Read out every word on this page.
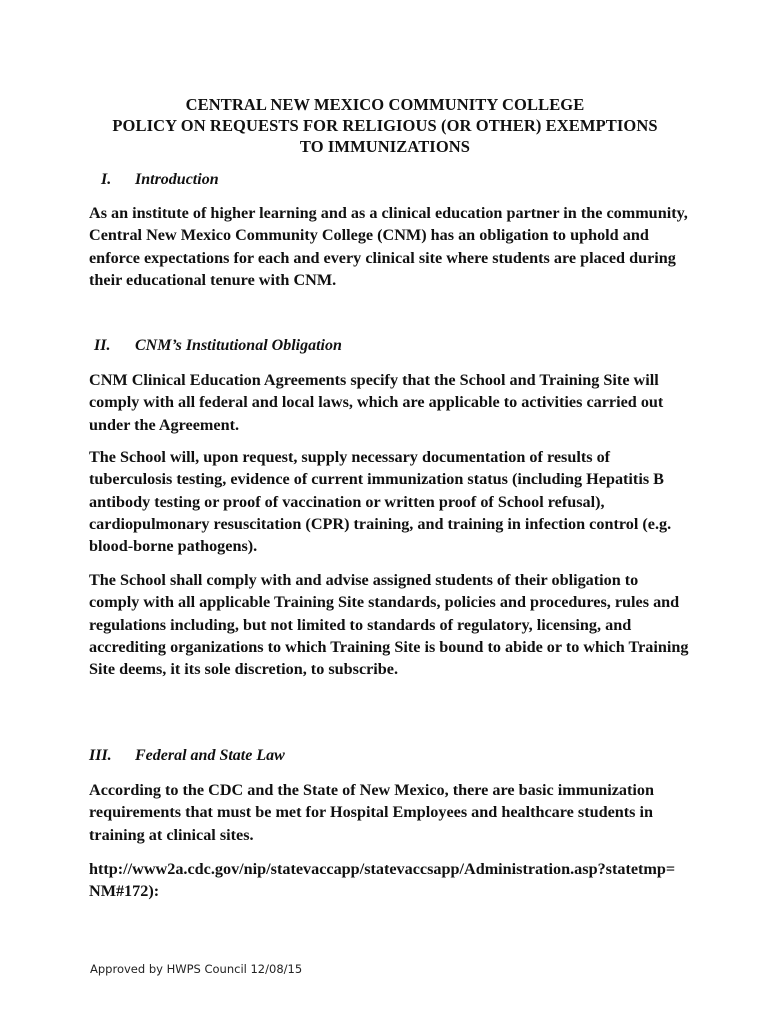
CENTRAL NEW MEXICO COMMUNITY COLLEGE
POLICY ON REQUESTS FOR RELIGIOUS (OR OTHER) EXEMPTIONS
TO IMMUNIZATIONS
I. Introduction

As an institute of higher learning and as a clinical education partner in the community, Central New Mexico Community College (CNM) has an obligation to uphold and enforce expectations for each and every clinical site where students are placed during their educational tenure with CNM.

II. CNM’s Institutional Obligation

CNM Clinical Education Agreements specify that the School and Training Site will comply with all federal and local laws, which are applicable to activities carried out under the Agreement.

The School will, upon request, supply necessary documentation of results of tuberculosis testing, evidence of current immunization status (including Hepatitis B antibody testing or proof of vaccination or written proof of School refusal), cardiopulmonary resuscitation (CPR) training, and training in infection control (e.g. blood-borne pathogens).

The School shall comply with and advise assigned students of their obligation to comply with all applicable Training Site standards, policies and procedures, rules and regulations including, but not limited to standards of regulatory, licensing, and accrediting organizations to which Training Site is bound to abide or to which Training Site deems, it its sole discretion, to subscribe.

III. Federal and State Law

According to the CDC and the State of New Mexico, there are basic immunization requirements that must be met for Hospital Employees and healthcare students in training at clinical sites.

http://www2a.cdc.gov/nip/statevaccapp/statevaccsapp/Administration.asp?statetmp=NM#172):

Approved by HWPS Council 12/08/15
